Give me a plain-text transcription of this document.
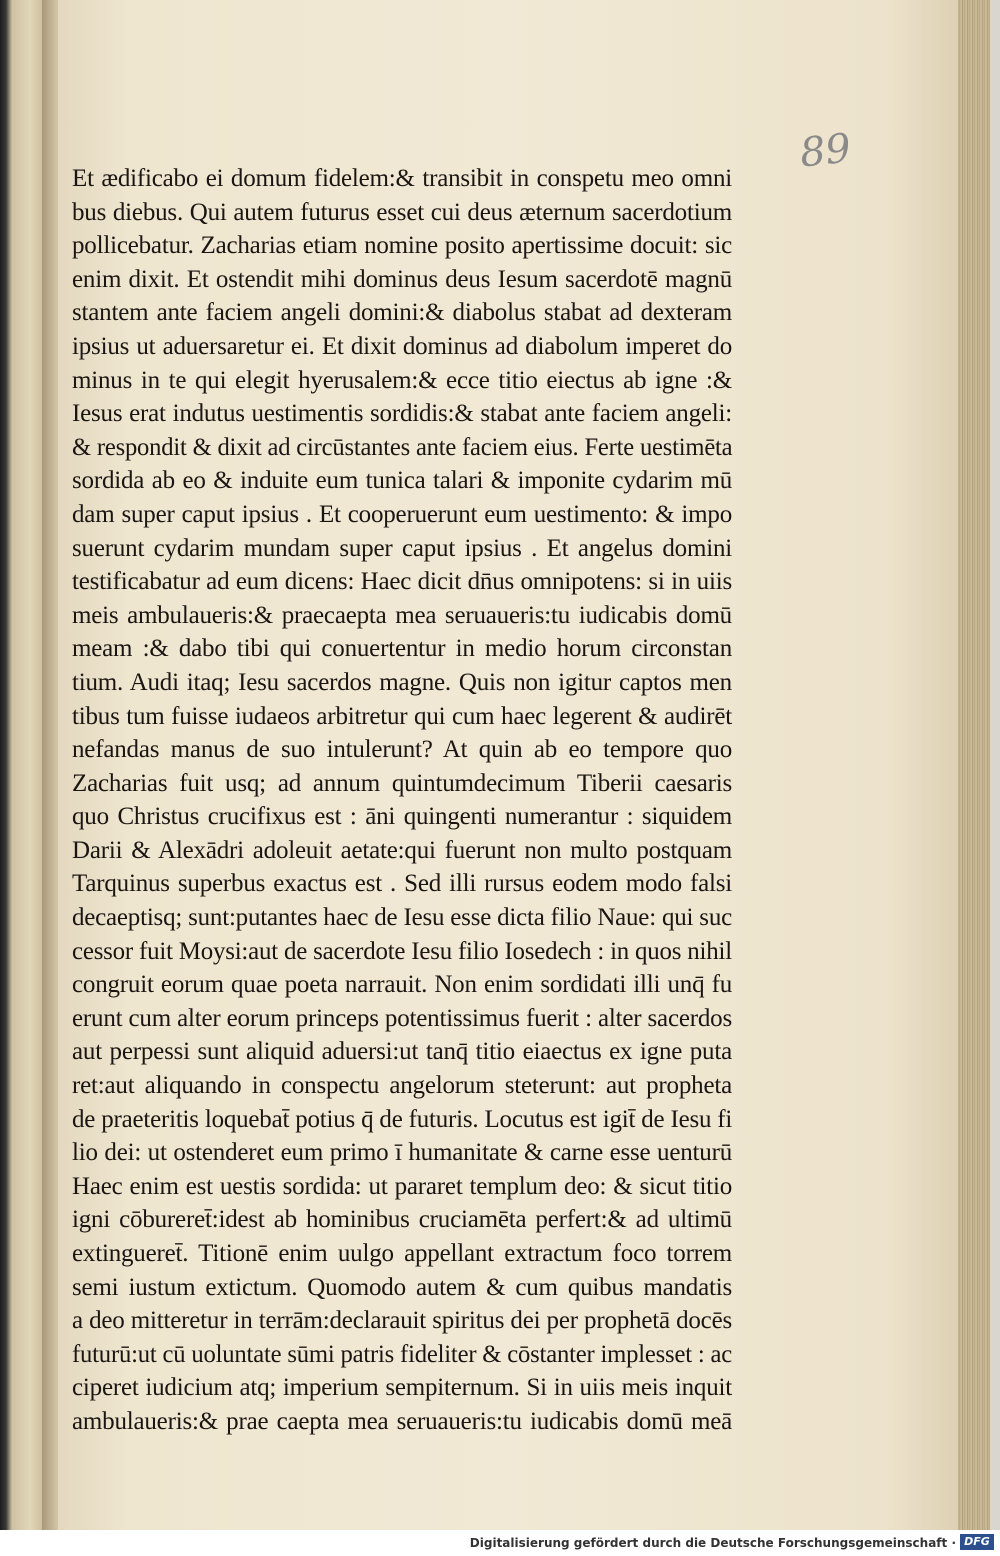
89
Et ædificabo ei domum fidelem:& transibit in conspetu meo omni
bus diebus. Qui autem futurus esset cui deus æternum sacerdotium
pollicebatur. Zacharias etiam nomine posito apertissime docuit: sic
enim dixit. Et ostendit mihi dominus deus Iesum sacerdotē magnū
stantem ante faciem angeli domini:& diabolus stabat ad dexteram
ipsius ut aduersaretur ei. Et dixit dominus ad diabolum imperet do
minus in te qui elegit hyerusalem:& ecce titio eiectus ab igne :&
Iesus erat indutus uestimentis sordidis:& stabat ante faciem angeli:
& respondit & dixit ad circūstantes ante faciem eius. Ferte uestimēta
sordida ab eo & induite eum tunica talari & imponite cydarim mū
dam super caput ipsius . Et cooperuerunt eum uestimento: & impo
suerunt cydarim mundam super caput ipsius . Et angelus domini
testificabatur ad eum dicens: Haec dicit dn̄us omnipotens: si in uiis
meis ambulaueris:& praecaepta mea seruaueris:tu iudicabis domū
meam :& dabo tibi qui conuertentur in medio horum circonstan
tium. Audi itaq; Iesu sacerdos magne. Quis non igitur captos men
tibus tum fuisse iudaeos arbitretur qui cum haec legerent & audirēt
nefandas manus de suo intulerunt? At quin ab eo tempore quo
Zacharias fuit usq; ad annum quintumdecimum Tiberii caesaris
quo Christus crucifixus est : āni quingenti numerantur : siquidem
Darii & Alexādri adoleuit aetate:qui fuerunt non multo postquam
Tarquinus superbus exactus est . Sed illi rursus eodem modo falsi
decaeptisq; sunt:putantes haec de Iesu esse dicta filio Naue: qui suc
cessor fuit Moysi:aut de sacerdote Iesu filio Iosedech : in quos nihil
congruit eorum quae poeta narrauit. Non enim sordidati illi unq̄ fu
erunt cum alter eorum princeps potentissimus fuerit : alter sacerdos
aut perpessi sunt aliquid aduersi:ut tanq̄ titio eiaectus ex igne puta
ret:aut aliquando in conspectu angelorum steterunt: aut propheta
de praeteritis loquebat̄ potius q̄ de futuris. Locutus est igit̄ de Iesu fi
lio dei: ut ostenderet eum primo ī humanitate & carne esse uenturū
Haec enim est uestis sordida: ut pararet templum deo: & sicut titio
igni cōbureret̄:idest ab hominibus cruciamēta perfert:& ad ultimū
extingueret̄. Titionē enim uulgo appellant extractum foco torrem
semi iustum extictum. Quomodo autem & cum quibus mandatis
a deo mitteretur in terrām:declarauit spiritus dei per prophetā docēs
futurū:ut cū uoluntate sūmi patris fideliter & cōstanter implesset : ac
ciperet iudicium atq; imperium sempiternum. Si in uiis meis inquit
ambulaueris:& prae caepta mea seruaueris:tu iudicabis domū meā
Digitalisierung gefördert durch die Deutsche Forschungsgemeinschaft · DFG
